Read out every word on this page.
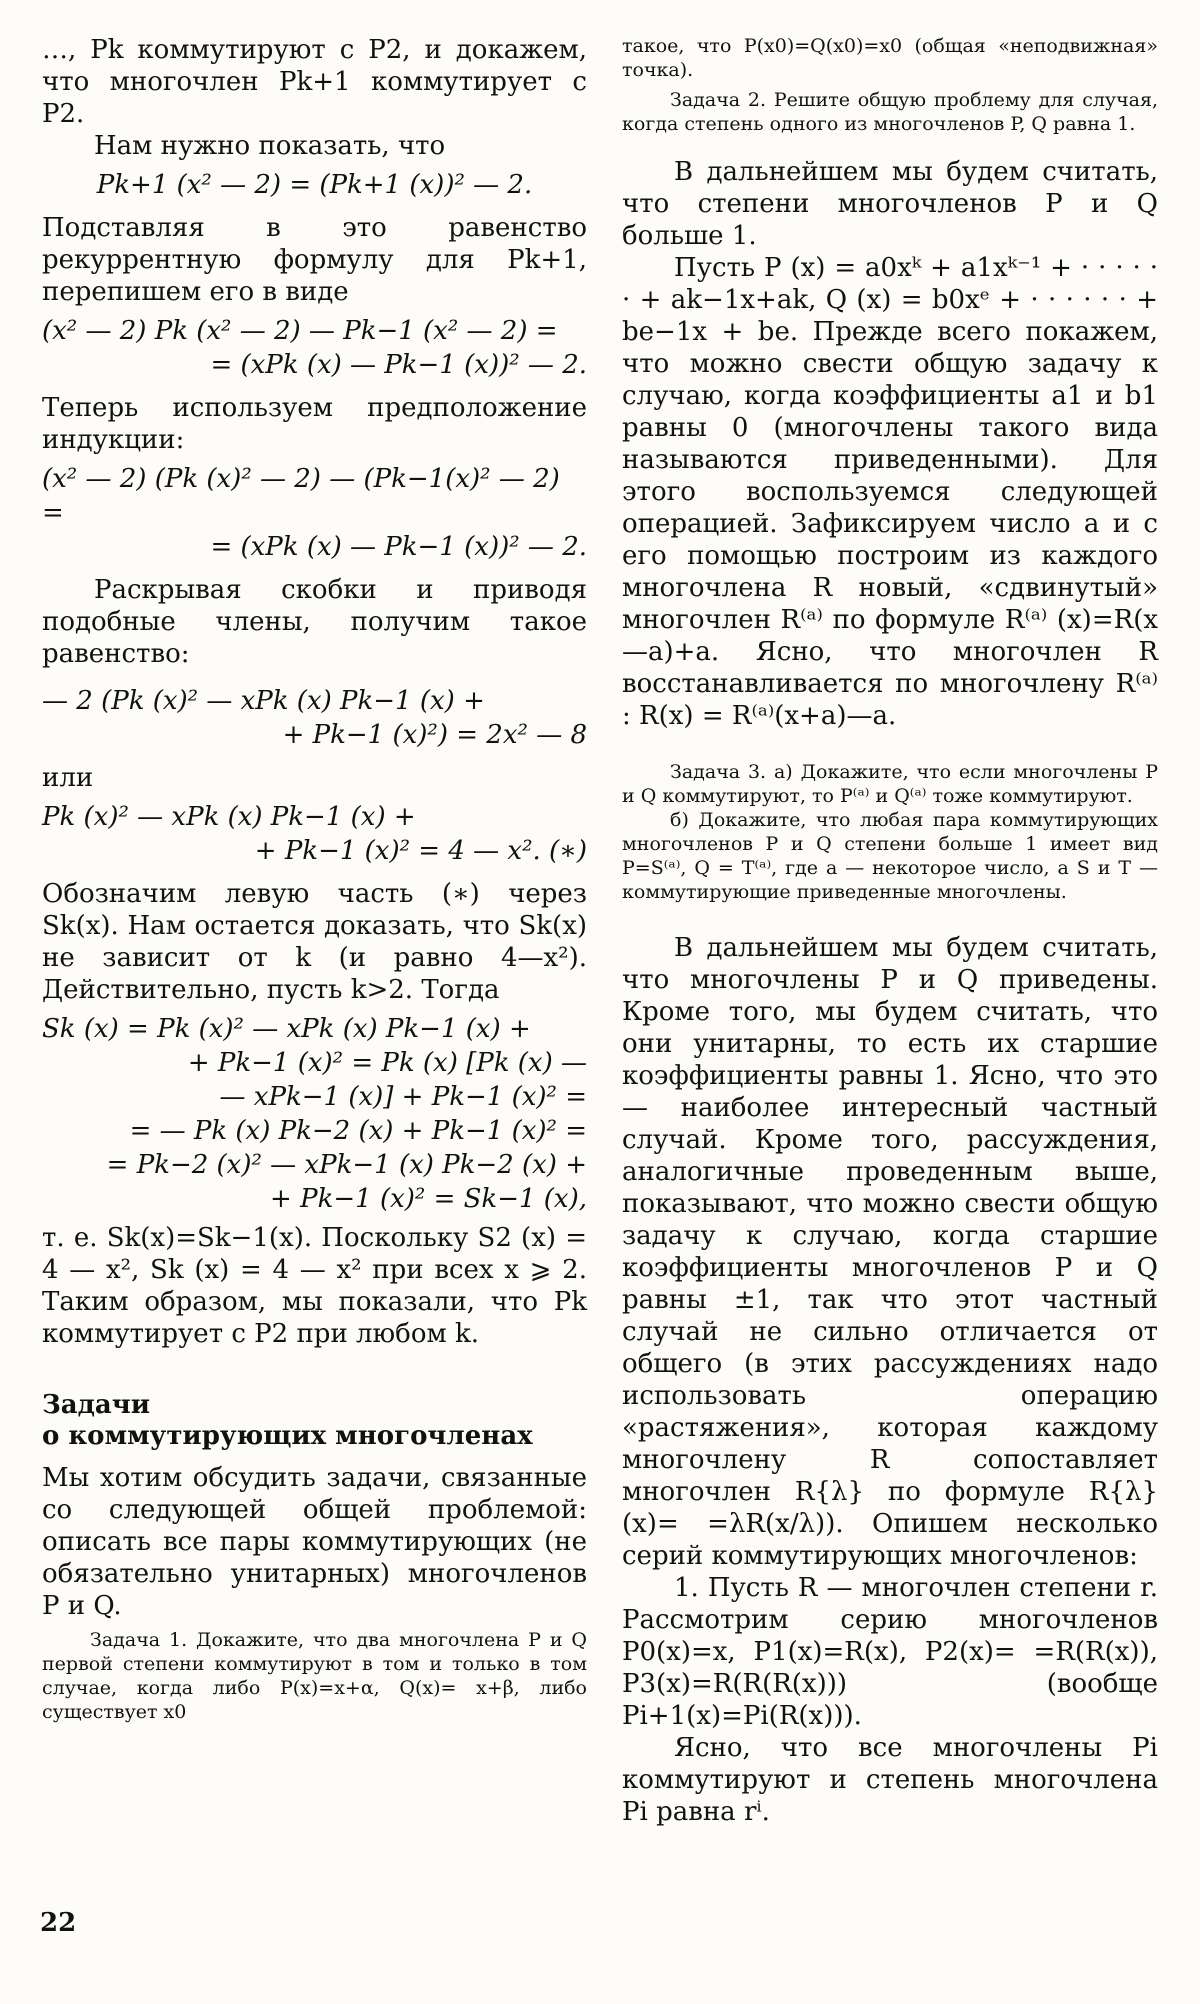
…, Pk коммутируют с P2, и докажем, что многочлен Pk+1 коммутирует с P2.

Нам нужно показать, что

Pk+1 (x² — 2) = (Pk+1 (x))² — 2.

Подставляя в это равенство рекуррентную формулу для Pk+1, перепишем его в виде

(x² — 2) Pk (x² — 2) — Pk−1 (x² — 2) =

= (xPk (x) — Pk−1 (x))² — 2.

Теперь используем предположение индукции:

(x² — 2) (Pk (x)² — 2) — (Pk−1(x)² — 2) =

= (xPk (x) — Pk−1 (x))² — 2.

Раскрывая скобки и приводя подобные члены, получим такое равенство:

— 2 (Pk (x)² — xPk (x) Pk−1 (x) +

+ Pk−1 (x)²) = 2x² — 8

или

Pk (x)² — xPk (x) Pk−1 (x) +

+ Pk−1 (x)² = 4 — x². (∗)

Обозначим левую часть (∗) через Sk(x). Нам остается доказать, что Sk(x) не зависит от k (и равно 4—x²). Действительно, пусть k>2. Тогда

Sk (x) = Pk (x)² — xPk (x) Pk−1 (x) +

+ Pk−1 (x)² = Pk (x) [Pk (x) —

— xPk−1 (x)] + Pk−1 (x)² =

= — Pk (x) Pk−2 (x) + Pk−1 (x)² =

= Pk−2 (x)² — xPk−1 (x) Pk−2 (x) +

+ Pk−1 (x)² = Sk−1 (x),

т. е. Sk(x)=Sk−1(x). Поскольку S2 (x) = 4 — x², Sk (x) = 4 — x² при всех x ⩾ 2. Таким образом, мы показали, что Pk коммутирует с P2 при любом k.

Задачи

о коммутирующих многочленах

Мы хотим обсудить задачи, связанные со следующей общей проблемой: описать все пары коммутирующих (не обязательно унитарных) многочленов P и Q.

Задача 1. Докажите, что два многочлена P и Q первой степени коммутируют в том и только в том случае, когда либо P(x)=x+α, Q(x)= x+β, либо существует x0

такое, что P(x0)=Q(x0)=x0 (общая «неподвижная» точка).

Задача 2. Решите общую проблему для случая, когда степень одного из многочленов P, Q равна 1.

В дальнейшем мы будем считать, что степени многочленов P и Q больше 1.

Пусть P (x) = a0xᵏ + a1xᵏ⁻¹ + · · · · · · + ak−1x+ak, Q (x) = b0xᵉ + · · · · · · + be−1x + be. Прежде всего покажем, что можно свести общую задачу к случаю, когда коэффициенты a1 и b1 равны 0 (многочлены такого вида называются приведенными). Для этого воспользуемся следующей операцией. Зафиксируем число a и с его помощью построим из каждого многочлена R новый, «сдвинутый» многочлен R⁽ᵃ⁾ по формуле R⁽ᵃ⁾ (x)=R(x—a)+a. Ясно, что многочлен R восстанавливается по многочлену R⁽ᵃ⁾ : R(x) = R⁽ᵃ⁾(x+a)—a.

Задача 3. а) Докажите, что если многочлены P и Q коммутируют, то P⁽ᵃ⁾ и Q⁽ᵃ⁾ тоже коммутируют.

б) Докажите, что любая пара коммутирующих многочленов P и Q степени больше 1 имеет вид P=S⁽ᵃ⁾, Q = T⁽ᵃ⁾, где a — некоторое число, а S и T — коммутирующие приведенные многочлены.

В дальнейшем мы будем считать, что многочлены P и Q приведены. Кроме того, мы будем считать, что они унитарны, то есть их старшие коэффициенты равны 1. Ясно, что это — наиболее интересный частный случай. Кроме того, рассуждения, аналогичные проведенным выше, показывают, что можно свести общую задачу к случаю, когда старшие коэффициенты многочленов P и Q равны ±1, так что этот частный случай не сильно отличается от общего (в этих рассуждениях надо использовать операцию «растяжения», которая каждому многочлену R сопоставляет многочлен R{λ} по формуле R{λ} (x)= =λR(x/λ)). Опишем несколько серий коммутирующих многочленов:

1. Пусть R — многочлен степени r. Рассмотрим серию многочленов P0(x)=x, P1(x)=R(x), P2(x)= =R(R(x)), P3(x)=R(R(R(x))) (вообще Pi+1(x)=Pi(R(x))).

Ясно, что все многочлены Pi коммутируют и степень многочлена Pi равна rⁱ.

22
